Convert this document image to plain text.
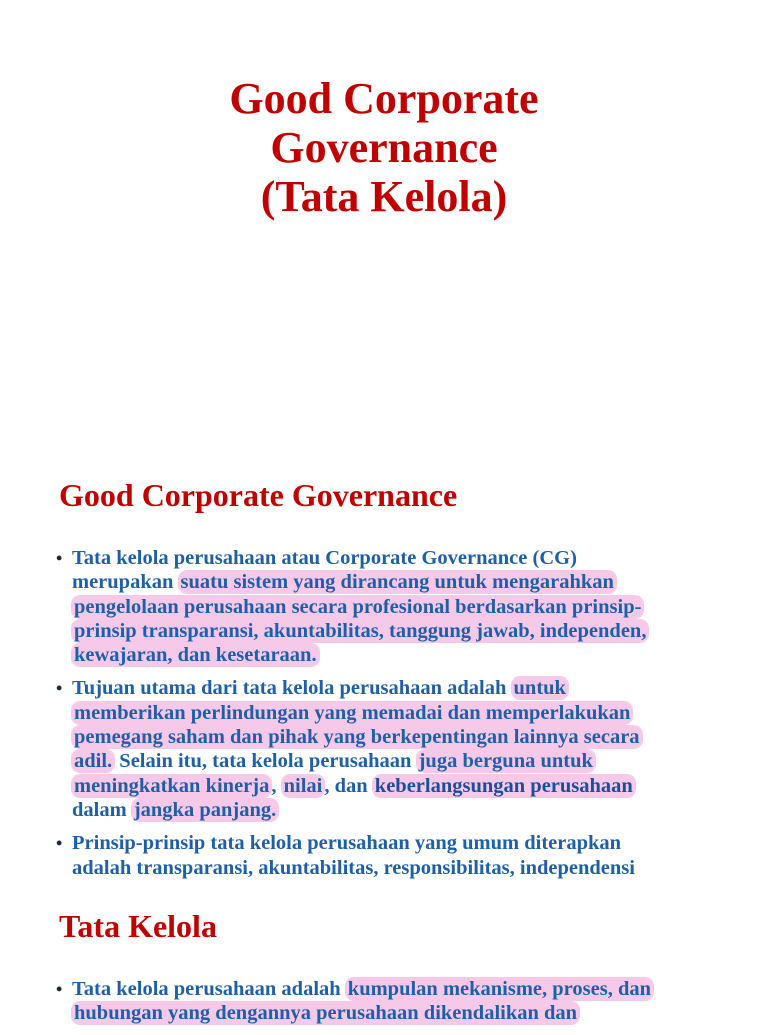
Good Corporate
Governance
(Tata Kelola)
Good Corporate Governance
• Tata kelola perusahaan atau Corporate Governance (CG)
merupakan suatu sistem yang dirancang untuk mengarahkan
pengelolaan perusahaan secara profesional berdasarkan prinsip-
prinsip transparansi, akuntabilitas, tanggung jawab, independen,
kewajaran, dan kesetaraan.
• Tujuan utama dari tata kelola perusahaan adalah untuk
memberikan perlindungan yang memadai dan memperlakukan
pemegang saham dan pihak yang berkepentingan lainnya secara
adil. Selain itu, tata kelola perusahaan juga berguna untuk
meningkatkan kinerja, nilai, dan keberlangsungan perusahaan
dalam jangka panjang.
• Prinsip-prinsip tata kelola perusahaan yang umum diterapkan
adalah transparansi, akuntabilitas, responsibilitas, independensi
Tata Kelola
• Tata kelola perusahaan adalah kumpulan mekanisme, proses, dan
hubungan yang dengannya perusahaan dikendalikan dan
